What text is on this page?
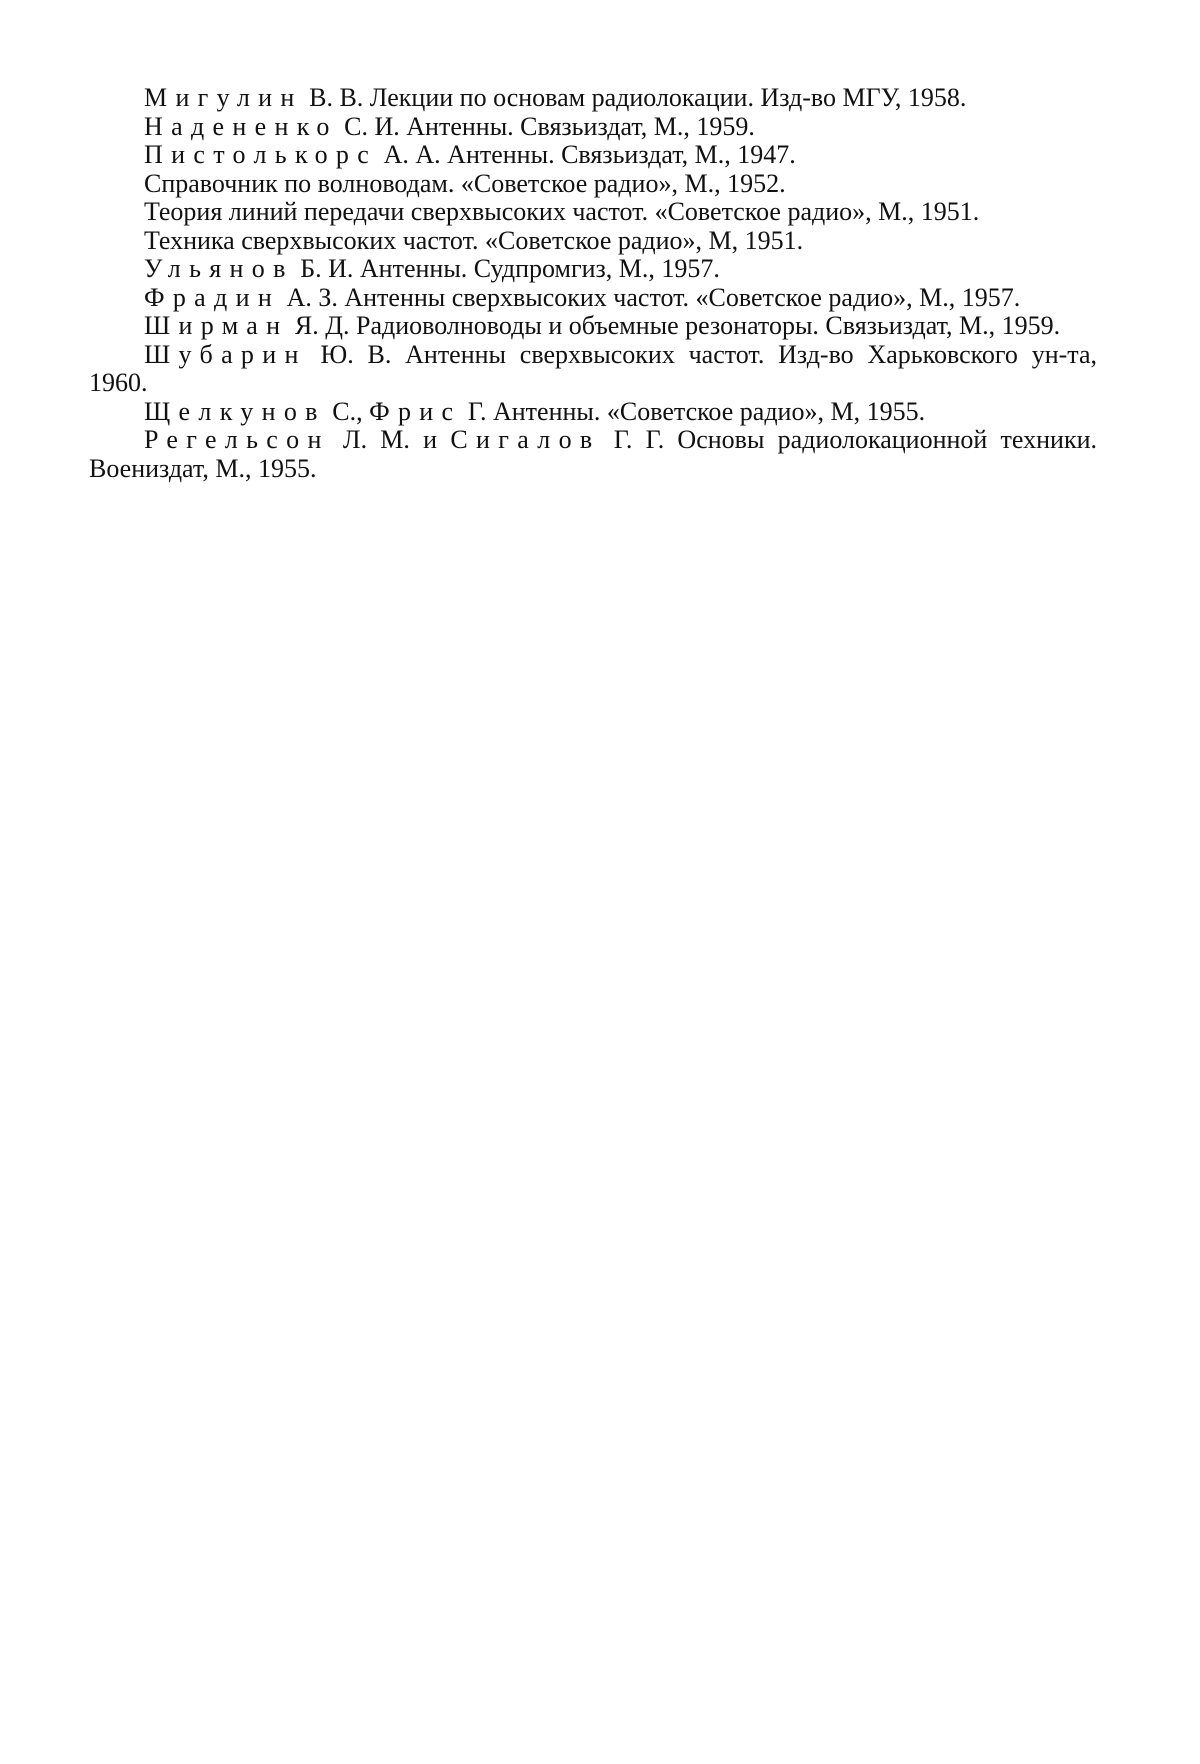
Мигулин В. В. Лекции по основам радиолокации. Изд-во МГУ, 1958.

Надененко С. И. Антенны. Связьиздат, М., 1959.

Пистолькорс А. А. Антенны. Связьиздат, М., 1947.

Справочник по волноводам. «Советское радио», М., 1952.

Теория линий передачи сверхвысоких частот. «Советское радио», М., 1951.

Техника сверхвысоких частот. «Советское радио», М, 1951.

Ульянов Б. И. Антенны. Судпромгиз, М., 1957.

Фрадин А. З. Антенны сверхвысоких частот. «Советское радио», М., 1957.

Ширман Я. Д. Радиоволноводы и объемные резонаторы. Связьиздат, М., 1959.

Шубарин Ю. В. Антенны сверхвысоких частот. Изд-во Харьковского ун-та, 1960.

Щелкунов С., Фрис Г. Антенны. «Советское радио», М, 1955.

Регельсон Л. М. и Сигалов Г. Г. Основы радиолокационной техники. Воениздат, М., 1955.
